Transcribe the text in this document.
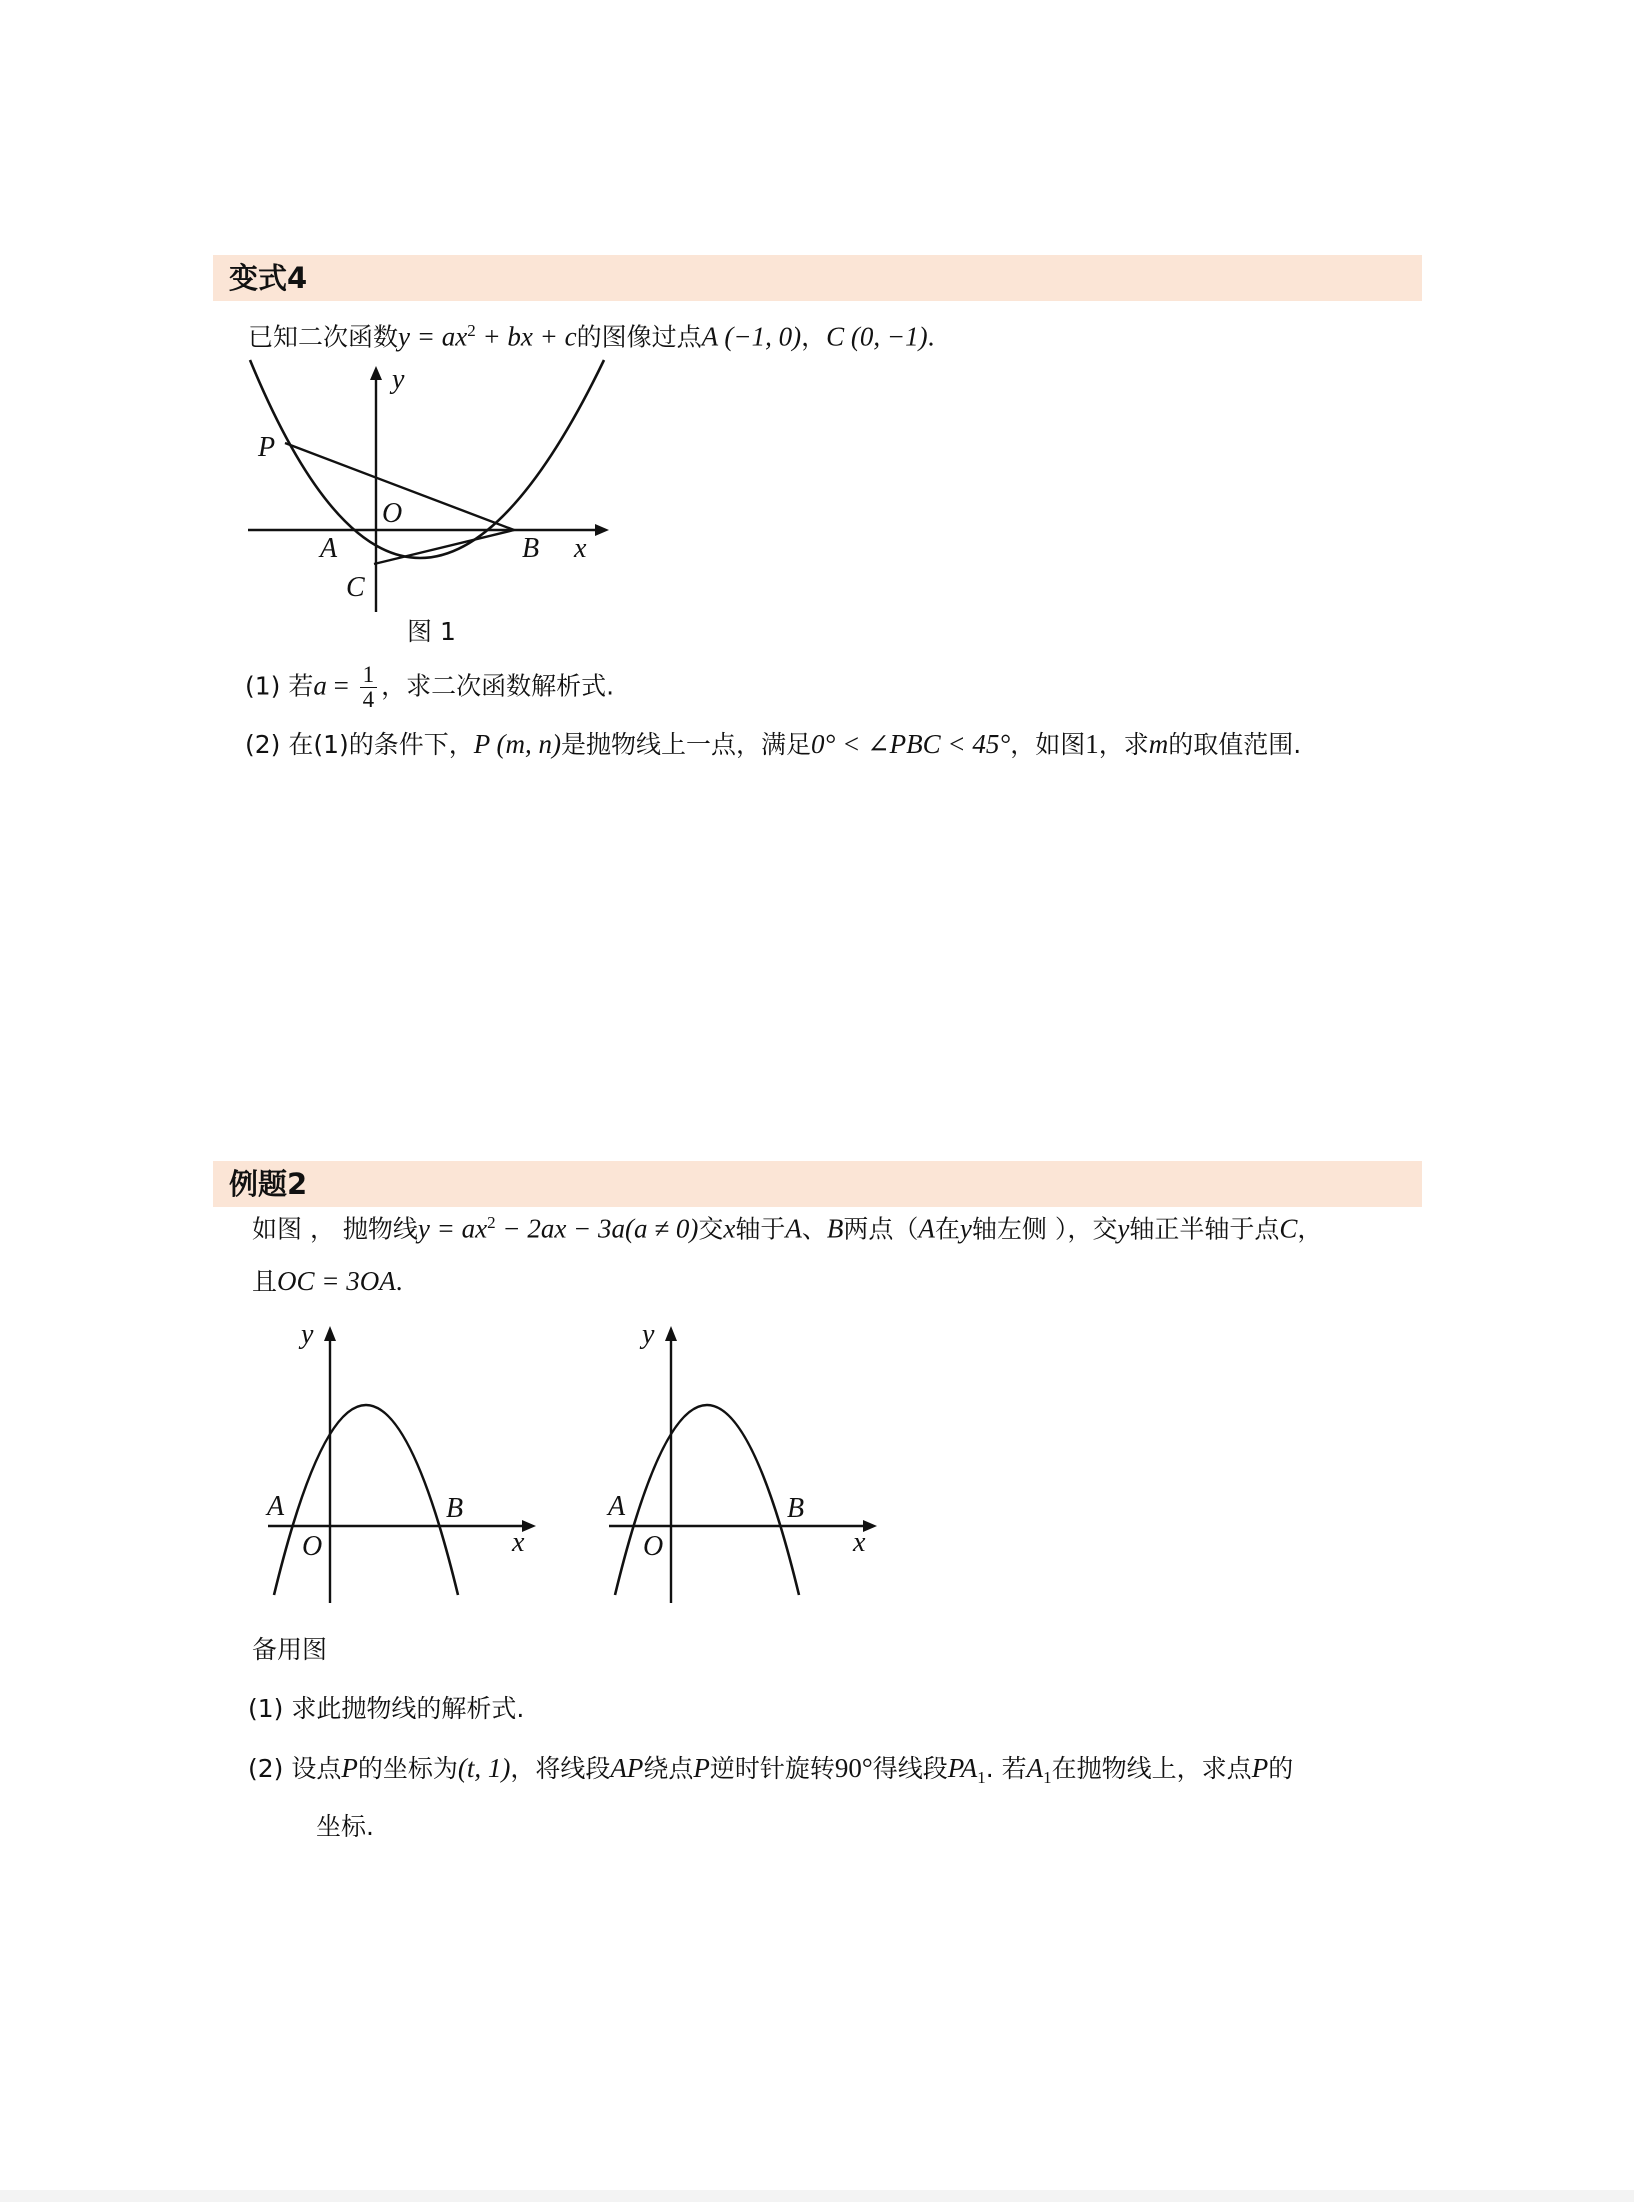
变式4
已知二次函数$y = ax^2$ + bx + c的图像过点A (−1, 0)，C (0, −1).
y
x
P
O
A	B
C
图 1
(1) 若$a = \frac{1}{4}$ ，求二次函数解析式.
(2) 在(1)的条件下，P (m, n)是抛物线上一点，满足0° < ∠PBC < 45°，如图1，求m的取值范围.
例题2
如图 ， 抛物线$y = ax^2 - 2ax - 3a(a \ne 0)$交x轴于A、B两点（A在y轴左侧 ），交y轴正半轴于点C，
且OC = 3OA.
y
x
A	B
O
y
x
A	B
O
备用图
(1) 求此抛物线的解析式.
(2) 设点P的坐标为(t, 1)，将线段AP绕点P逆时针旋转90°得线段$PA_1$. 若$A_1$在抛物线上，求点P的
坐标.
